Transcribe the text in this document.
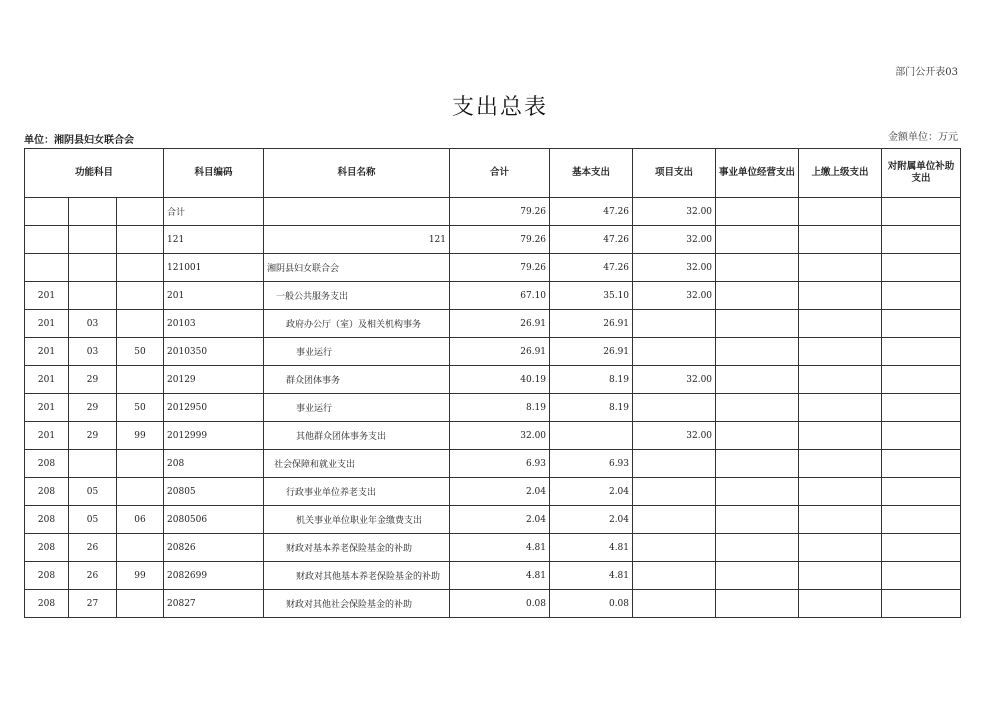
部门公开表03
支出总表
单位：湘阴县妇女联合会	金额单位：万元
功能科目			科目编码	科目名称	合计	基本支出	项目支出	事业单位经营支出	上缴上级支出	对附属单位补助支出
			合计		79.26	47.26	32.00			
			121	121	79.26	47.26	32.00			
			121001	湘阴县妇女联合会	79.26	47.26	32.00			
201			201	一般公共服务支出	67.10	35.10	32.00			
201	03		20103	政府办公厅（室）及相关机构事务	26.91	26.91				
201	03	50	2010350	事业运行	26.91	26.91				
201	29		20129	群众团体事务	40.19	8.19	32.00			
201	29	50	2012950	事业运行	8.19	8.19				
201	29	99	2012999	其他群众团体事务支出	32.00		32.00			
208			208	社会保障和就业支出	6.93	6.93				
208	05		20805	行政事业单位养老支出	2.04	2.04				
208	05	06	2080506	机关事业单位职业年金缴费支出	2.04	2.04				
208	26		20826	财政对基本养老保险基金的补助	4.81	4.81				
208	26	99	2082699	财政对其他基本养老保险基金的补助	4.81	4.81				
208	27		20827	财政对其他社会保险基金的补助	0.08	0.08				
